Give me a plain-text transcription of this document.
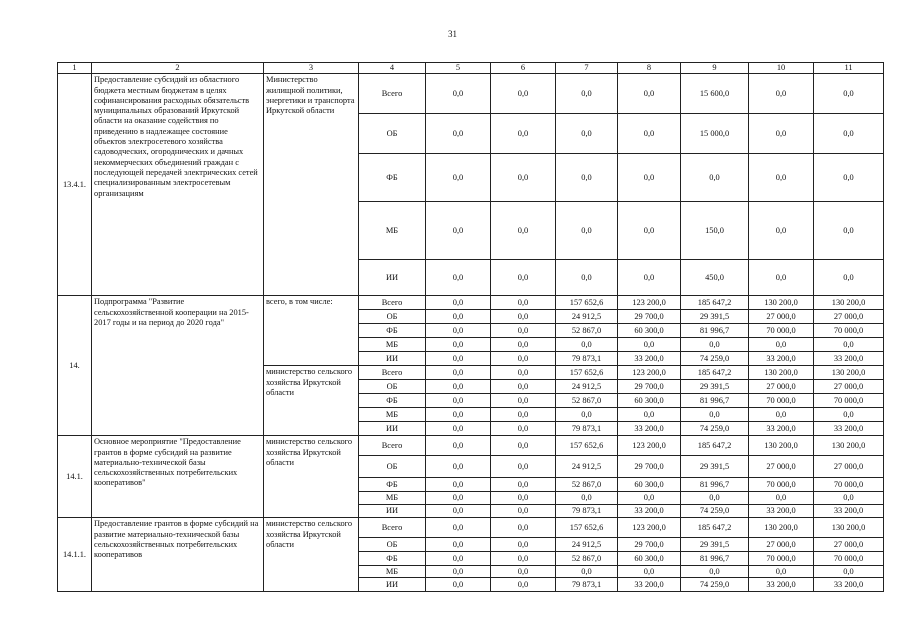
31
1	2	3	4	5	6	7	8	9	10	11
13.4.1.	Предоставление субсидий из областного бюджета местным бюджетам в целях софинансирования расходных обязательств муниципальных образований Иркутской области на оказание содействия по приведению в надлежащее состояние объектов электросетевого хозяйства садоводческих, огороднических и дачных некоммерческих объединений граждан с последующей передачей электрических сетей специализированным электросетевым организациям	Министерство жилищной политики, энергетики и транспорта Иркутской области	Всего	0,0	0,0	0,0	0,0	15 600,0	0,0	0,0
			ОБ	0,0	0,0	0,0	0,0	15 000,0	0,0	0,0
			ФБ	0,0	0,0	0,0	0,0	0,0	0,0	0,0
			МБ	0,0	0,0	0,0	0,0	150,0	0,0	0,0
			ИИ	0,0	0,0	0,0	0,0	450,0	0,0	0,0
14.	Подпрограмма "Развитие сельскохозяйственной кооперации на 2015-2017 годы и на период до 2020 года"	всего, в том числе:	Всего	0,0	0,0	157 652,6	123 200,0	185 647,2	130 200,0	130 200,0
			ОБ	0,0	0,0	24 912,5	29 700,0	29 391,5	27 000,0	27 000,0
			ФБ	0,0	0,0	52 867,0	60 300,0	81 996,7	70 000,0	70 000,0
			МБ	0,0	0,0	0,0	0,0	0,0	0,0	0,0
			ИИ	0,0	0,0	79 873,1	33 200,0	74 259,0	33 200,0	33 200,0
		министерство сельского хозяйства Иркутской области	Всего	0,0	0,0	157 652,6	123 200,0	185 647,2	130 200,0	130 200,0
			ОБ	0,0	0,0	24 912,5	29 700,0	29 391,5	27 000,0	27 000,0
			ФБ	0,0	0,0	52 867,0	60 300,0	81 996,7	70 000,0	70 000,0
			МБ	0,0	0,0	0,0	0,0	0,0	0,0	0,0
			ИИ	0,0	0,0	79 873,1	33 200,0	74 259,0	33 200,0	33 200,0
14.1.	Основное мероприятие "Предоставление грантов в форме субсидий на развитие материально-технической базы сельскохозяйственных потребительских кооперативов"	министерство сельского хозяйства Иркутской области	Всего	0,0	0,0	157 652,6	123 200,0	185 647,2	130 200,0	130 200,0
			ОБ	0,0	0,0	24 912,5	29 700,0	29 391,5	27 000,0	27 000,0
			ФБ	0,0	0,0	52 867,0	60 300,0	81 996,7	70 000,0	70 000,0
			МБ	0,0	0,0	0,0	0,0	0,0	0,0	0,0
			ИИ	0,0	0,0	79 873,1	33 200,0	74 259,0	33 200,0	33 200,0
14.1.1.	Предоставление грантов в форме субсидий на развитие материально-технической базы сельскохозяйственных потребительских кооперативов	министерство сельского хозяйства Иркутской области	Всего	0,0	0,0	157 652,6	123 200,0	185 647,2	130 200,0	130 200,0
			ОБ	0,0	0,0	24 912,5	29 700,0	29 391,5	27 000,0	27 000,0
			ФБ	0,0	0,0	52 867,0	60 300,0	81 996,7	70 000,0	70 000,0
			МБ	0,0	0,0	0,0	0,0	0,0	0,0	0,0
			ИИ	0,0	0,0	79 873,1	33 200,0	74 259,0	33 200,0	33 200,0
